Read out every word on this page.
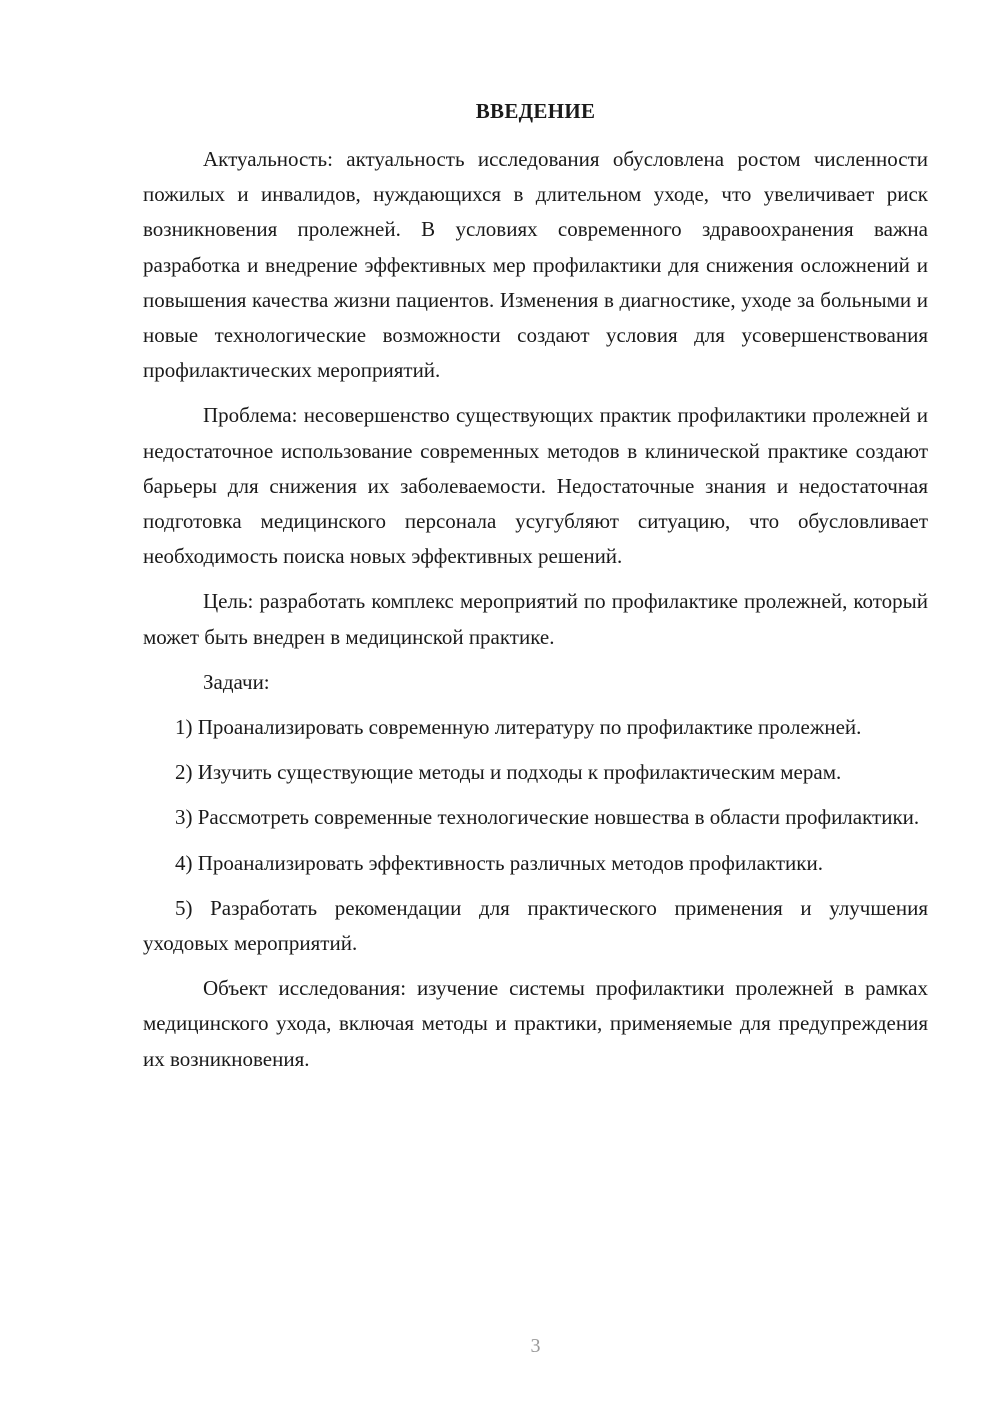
ВВЕДЕНИЕ

Актуальность: актуальность исследования обусловлена ростом численности пожилых и инвалидов, нуждающихся в длительном уходе, что увеличивает риск возникновения пролежней. В условиях современного здравоохранения важна разработка и внедрение эффективных мер профилактики для снижения осложнений и повышения качества жизни пациентов. Изменения в диагностике, уходе за больными и новые технологические возможности создают условия для усовершенствования профилактических мероприятий.

Проблема: несовершенство существующих практик профилактики пролежней и недостаточное использование современных методов в клинической практике создают барьеры для снижения их заболеваемости. Недостаточные знания и недостаточная подготовка медицинского персонала усугубляют ситуацию, что обусловливает необходимость поиска новых эффективных решений.

Цель: разработать комплекс мероприятий по профилактике пролежней, который может быть внедрен в медицинской практике.

Задачи:

1) Проанализировать современную литературу по профилактике пролежней.

2) Изучить существующие методы и подходы к профилактическим мерам.

3) Рассмотреть современные технологические новшества в области профилактики.

4) Проанализировать эффективность различных методов профилактики.

5) Разработать рекомендации для практического применения и улучшения уходовых мероприятий.

Объект исследования: изучение системы профилактики пролежней в рамках медицинского ухода, включая методы и практики, применяемые для предупреждения их возникновения.

3
